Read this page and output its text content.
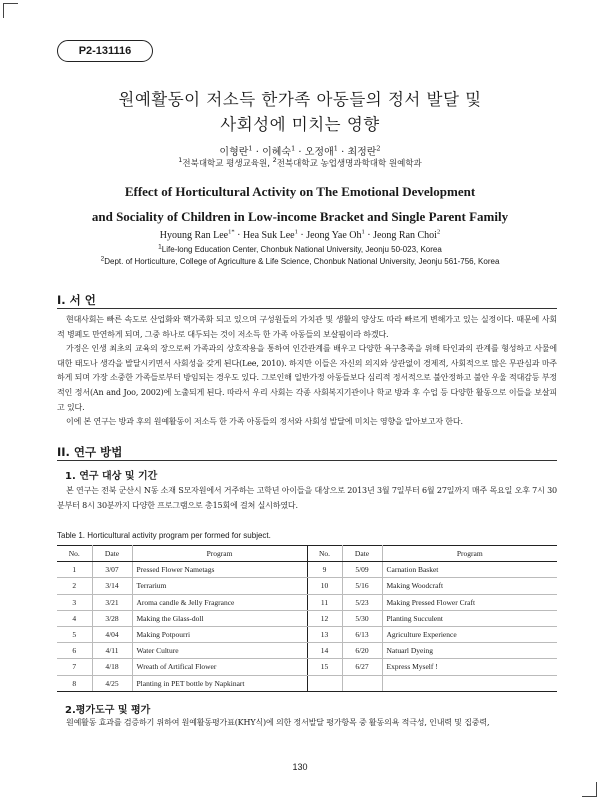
P2-131116
원예활동이 저소득 한가족 아동들의 정서 발달 및
사회성에 미치는 영향
이형란$^1$ · 이혜숙$^1$ · 오정애$^1$ · 최정란$^2$
$^1$전북대학교 평생교육원, $^2$전북대학교 농업생명과학대학 원예학과
Effect of Horticultural Activity on The Emotional Development
and Sociality of Children in Low-income Bracket and Single Parent Family
Hyoung Ran Lee$^{1*}$ · Hea Suk Lee$^1$ · Jeong Yae $Oh^1$ · Jeong Ran Choi$^2$
$^1$Life-long Education Center, Chonbuk National University, Jeonju 50-023, Korea
$^2$Dept. of Horticulture, College of Agriculture & Life Science, Chonbuk National University, Jeonju 561-756, Korea
I. 서 언

현대사회는 빠른 속도로 산업화와 핵가족화 되고 있으며 구성원들의 가치관 및 생활의 양상도 따라 빠르게 변해가고 있는 실정이다. 때문에 사회적 병폐도 만연하게 되며, 그중 하나로 대두되는 것이 저소득 한 가족 아동들의 보살핌이라 하겠다.

가정은 인생 최초의 교육의 장으로써 가족과의 상호작용을 통하여 인간관계를 배우고 다양한 욕구충족을 위해 타인과의 관계를 형성하고 사물에 대한 태도나 생각을 발달시키면서 사회성을 갖게 된다(Lee, 2010). 하지만 이들은 자신의 의지와 상관없이 경제적, 사회적으로 많은 무관심과 마주하게 되며 가장 소중한 가족들로부터 방임되는 경우도 있다. 그로인해 일반가정 아동들보다 심리적 정서적으로 불안정하고 불안 우울 적대감등 부정적인 정서(An and Joo, 2002)에 노출되게 된다. 따라서 우리 사회는 각종 사회복지기관이나 학교 방과 후 수업 등 다양한 활동으로 이들을 보살피고 있다.

이에 본 연구는 방과 후의 원예활동이 저소득 한 가족 아동들의 정서와 사회성 발달에 미치는 영향을 알아보고자 한다.

II. 연구 방법
1. 연구 대상 및 기간

본 연구는 전북 군산시 N동 소재 S모자원에서 거주하는 고학년 아이들을 대상으로 2013년 3월 7일부터 6월 27일까지 매주 목요일 오후 7시 30분부터 8시 30분까지 다양한 프로그램으로 총15회에 걸쳐 실시하였다.

Table 1. Horticultural activity program per formed for subject.
No.	Date	Program	No.	Date	Program
1	3/07	Pressed Flower Nametags	9	5/09	Carnation Basket
2	3/14	Terrarium	10	5/16	Making Woodcraft
3	3/21	Aroma candle & Jelly Fragrance	11	5/23	Making Pressed Flower Craft
4	3/28	Making the Glass-doll	12	5/30	Planting Succulent
5	4/04	Making Potpourri	13	6/13	Agriculture Experience
6	4/11	Water Culture	14	6/20	Natuarl Dyeing
7	4/18	Wreath of Artifical Flower	15	6/27	Express Myself !
8	4/25	Planting in PET bottle by Napkinart			
2.평가도구 및 평가

원예활동 효과를 검증하기 위하여 원예활동평가표(KHY식)에 의한 정서발달 평가항목 중 활동의욕 적극성, 인내력 및 집중력,

130
